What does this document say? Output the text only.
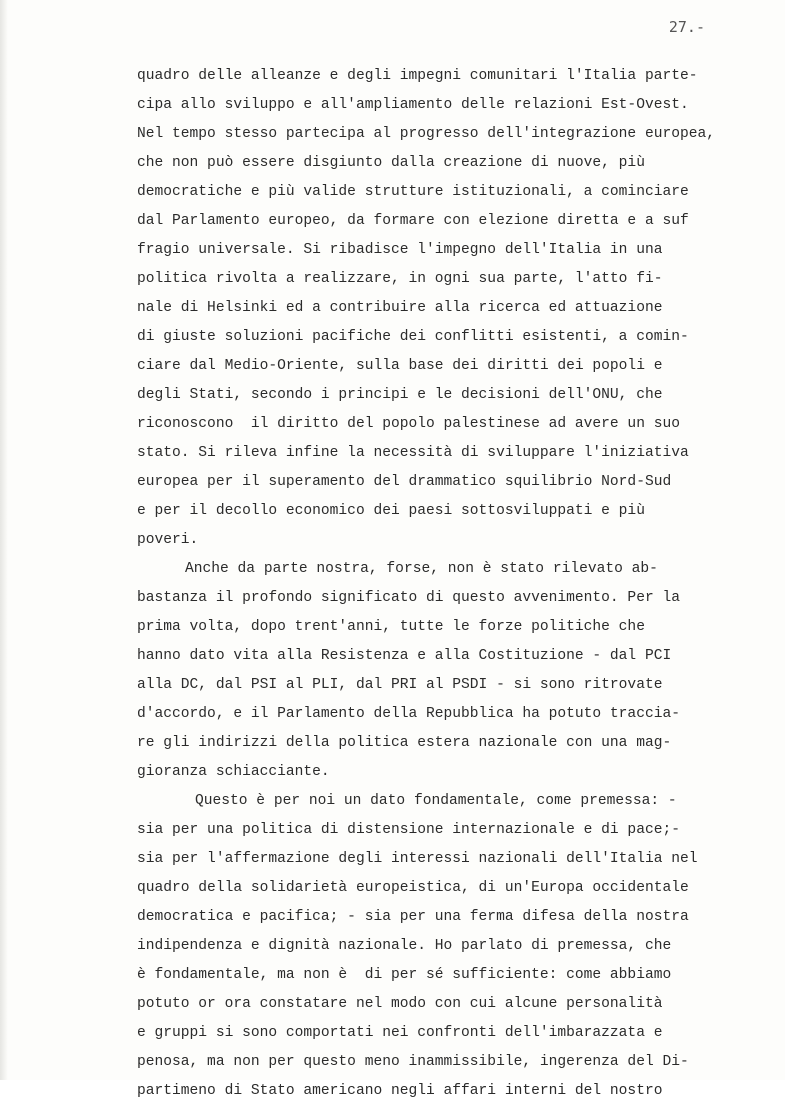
27.-
quadro delle alleanze e degli impegni comunitari l'Italia parte-
cipa allo sviluppo e all'ampliamento delle relazioni Est-Ovest.
Nel tempo stesso partecipa al progresso dell'integrazione europea,
che non può essere disgiunto dalla creazione di nuove, più
democratiche e più valide strutture istituzionali, a cominciare
dal Parlamento europeo, da formare con elezione diretta e a suf
fragio universale. Si ribadisce l'impegno dell'Italia in una
politica rivolta a realizzare, in ogni sua parte, l'atto fi-
nale di Helsinki ed a contribuire alla ricerca ed attuazione
di giuste soluzioni pacifiche dei conflitti esistenti, a comin-
ciare dal Medio-Oriente, sulla base dei diritti dei popoli e
degli Stati, secondo i principi e le decisioni dell'ONU, che
riconoscono  il diritto del popolo palestinese ad avere un suo
stato. Si rileva infine la necessità di sviluppare l'iniziativa
europea per il superamento del drammatico squilibrio Nord-Sud
e per il decollo economico dei paesi sottosviluppati e più
poveri.
Anche da parte nostra, forse, non è stato rilevato ab-
bastanza il profondo significato di questo avvenimento. Per la
prima volta, dopo trent'anni, tutte le forze politiche che
hanno dato vita alla Resistenza e alla Costituzione - dal PCI
alla DC, dal PSI al PLI, dal PRI al PSDI - si sono ritrovate
d'accordo, e il Parlamento della Repubblica ha potuto traccia-
re gli indirizzi della politica estera nazionale con una mag-
gioranza schiacciante.
Questo è per noi un dato fondamentale, come premessa: -
sia per una politica di distensione internazionale e di pace;-
sia per l'affermazione degli interessi nazionali dell'Italia nel
quadro della solidarietà europeistica, di un'Europa occidentale
democratica e pacifica; - sia per una ferma difesa della nostra
indipendenza e dignità nazionale. Ho parlato di premessa, che
è fondamentale, ma non è  di per sé sufficiente: come abbiamo
potuto or ora constatare nel modo con cui alcune personalità
e gruppi si sono comportati nei confronti dell'imbarazzata e
penosa, ma non per questo meno inammissibile, ingerenza del Di-
partimeno di Stato americano negli affari interni del nostro
